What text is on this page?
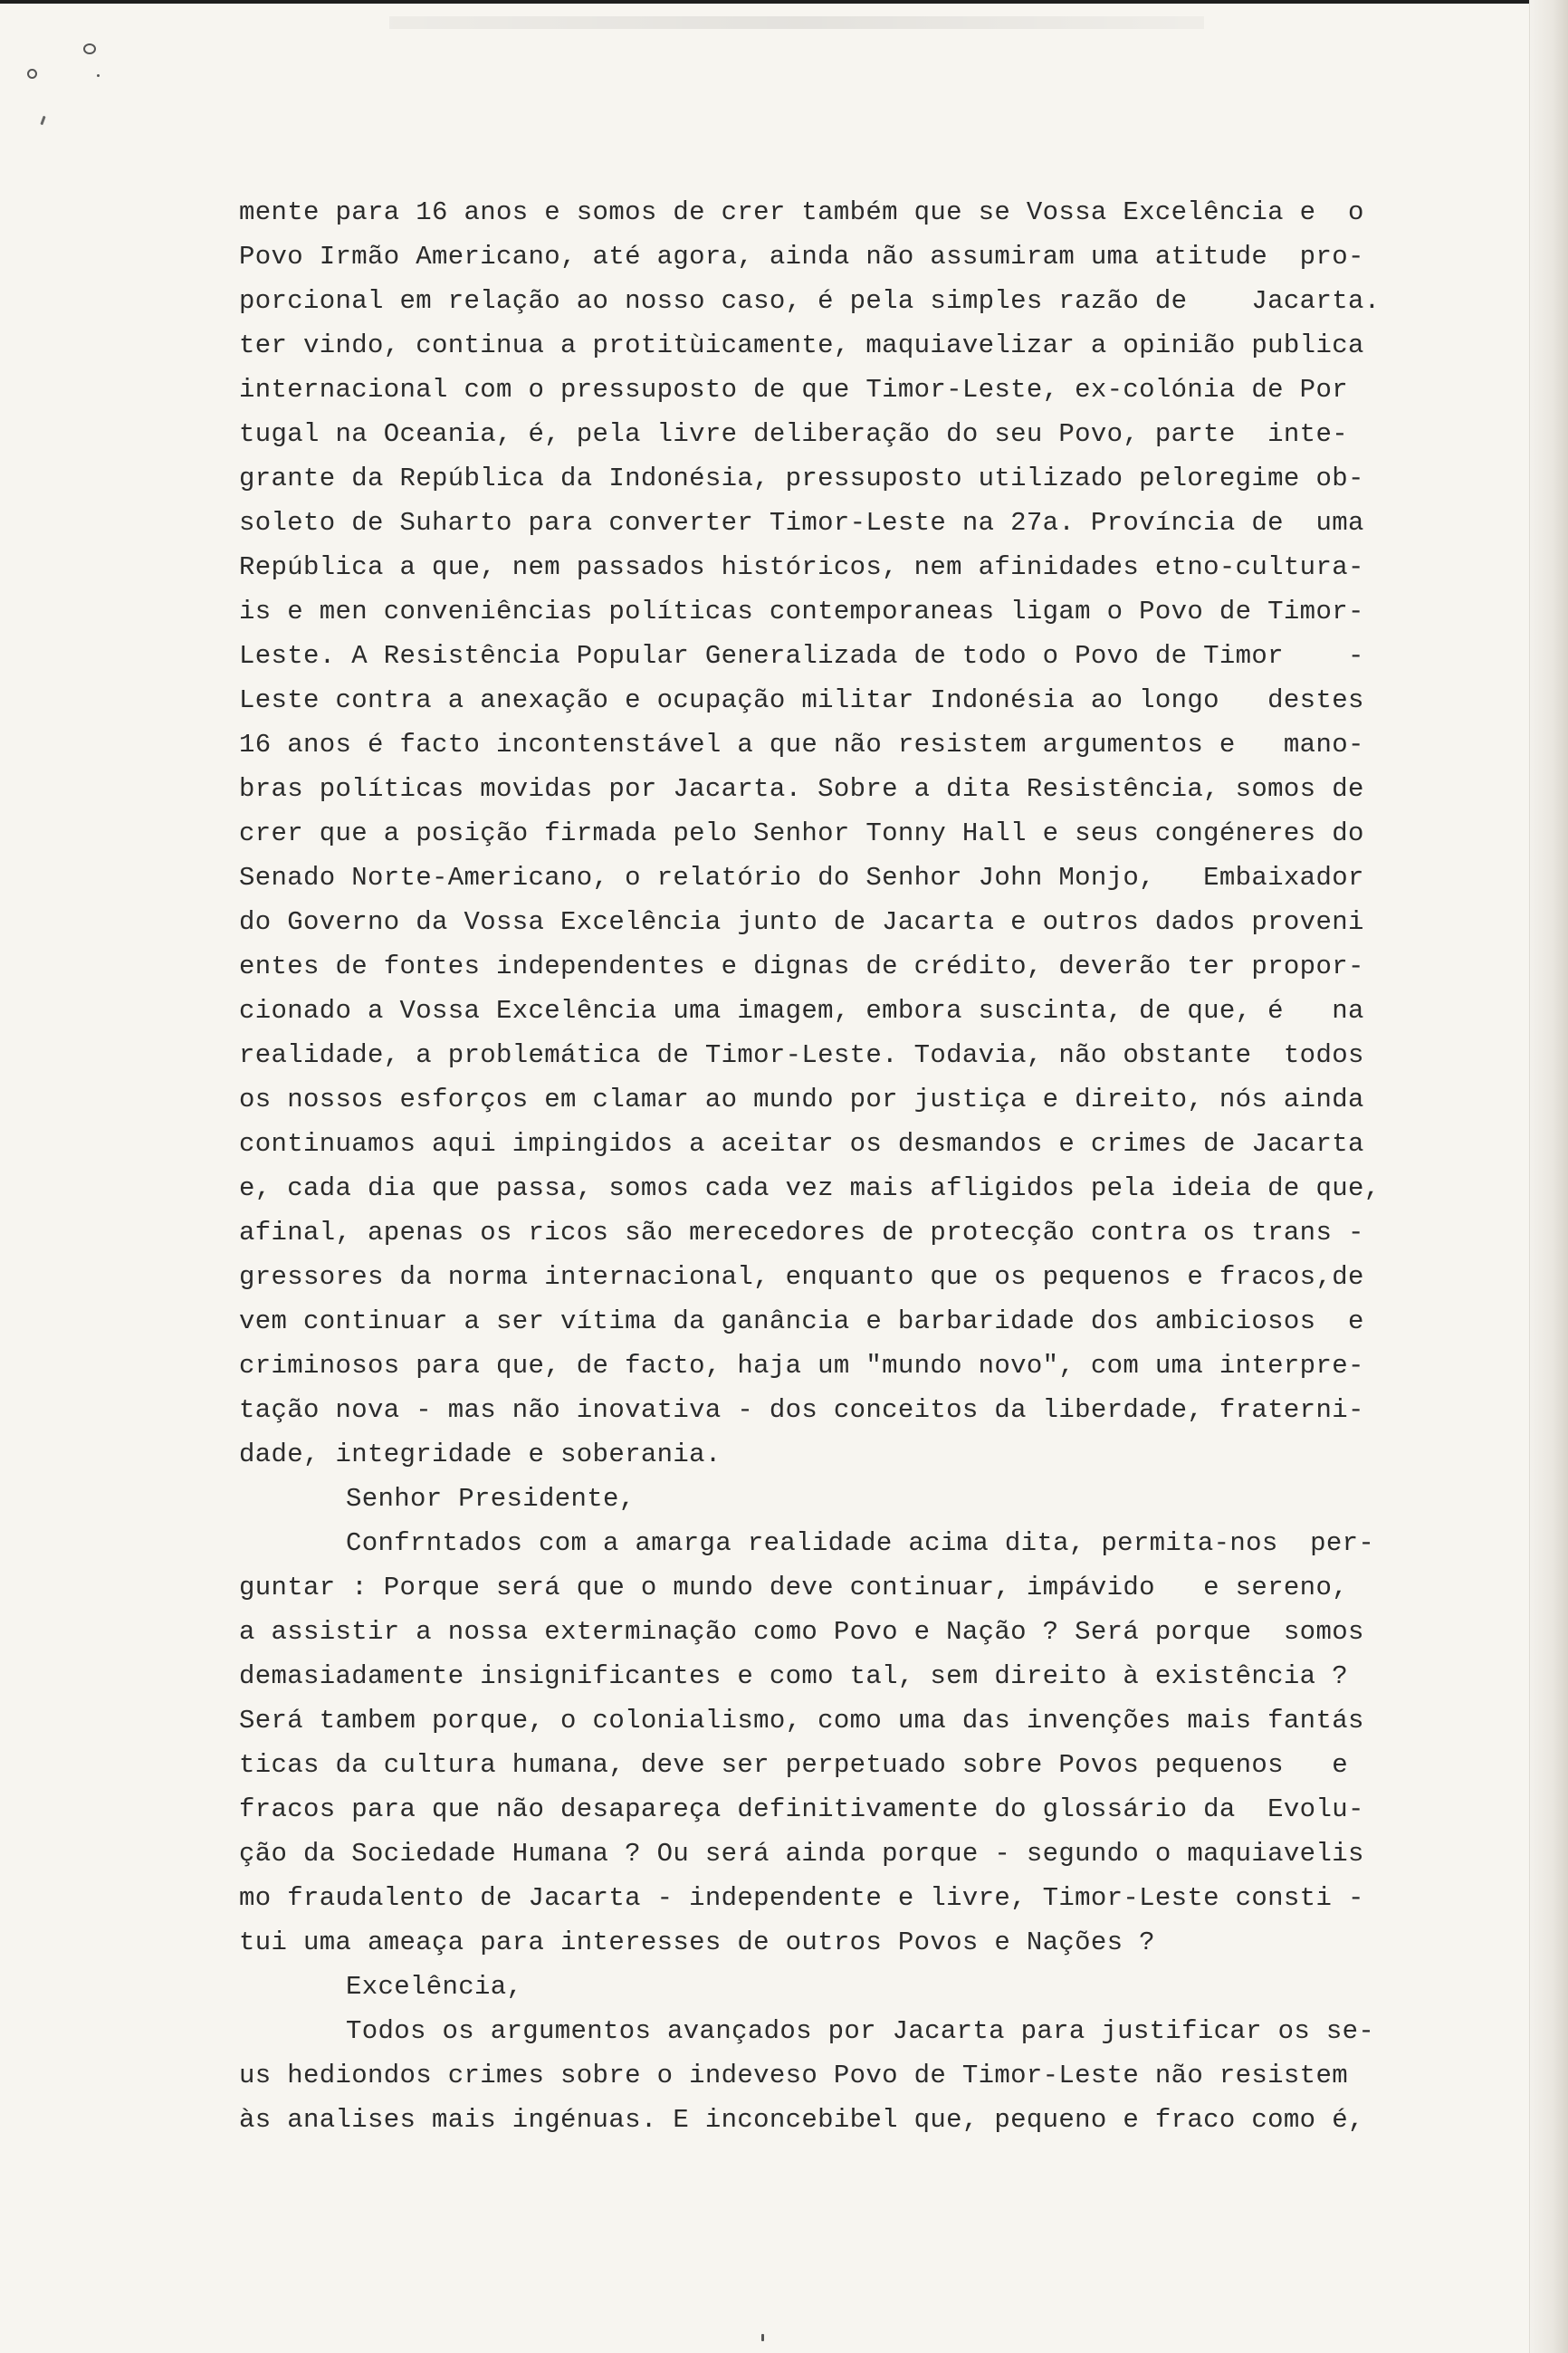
mente para 16 anos e somos de crer também que se Vossa Excelência e  o
Povo Irmão Americano, até agora, ainda não assumiram uma atitude  pro-
porcional em relação ao nosso caso, é pela simples razão de    Jacarta.
ter vindo, continua a protitùicamente, maquiavelizar a opinião publica
internacional com o pressuposto de que Timor-Leste, ex-colónia de Por
tugal na Oceania, é, pela livre deliberação do seu Povo, parte  inte-
grante da República da Indonésia, pressuposto utilizado peloregime ob-
soleto de Suharto para converter Timor-Leste na 27a. Província de  uma
República a que, nem passados históricos, nem afinidades etno-cultura-
is e men conveniências políticas contemporaneas ligam o Povo de Timor-
Leste. A Resistência Popular Generalizada de todo o Povo de Timor    -
Leste contra a anexação e ocupação militar Indonésia ao longo   destes
16 anos é facto incontenstável a que não resistem argumentos e   mano-
bras políticas movidas por Jacarta. Sobre a dita Resistência, somos de
crer que a posição firmada pelo Senhor Tonny Hall e seus congéneres do
Senado Norte-Americano, o relatório do Senhor John Monjo,   Embaixador
do Governo da Vossa Excelência junto de Jacarta e outros dados proveni
entes de fontes independentes e dignas de crédito, deverão ter propor-
cionado a Vossa Excelência uma imagem, embora suscinta, de que, é   na
realidade, a problemática de Timor-Leste. Todavia, não obstante  todos
os nossos esforços em clamar ao mundo por justiça e direito, nós ainda
continuamos aqui impingidos a aceitar os desmandos e crimes de Jacarta
e, cada dia que passa, somos cada vez mais afligidos pela ideia de que,
afinal, apenas os ricos são merecedores de protecção contra os trans -
gressores da norma internacional, enquanto que os pequenos e fracos,de
vem continuar a ser vítima da ganância e barbaridade dos ambiciosos  e
criminosos para que, de facto, haja um "mundo novo", com uma interpre-
tação nova - mas não inovativa - dos conceitos da liberdade, fraterni-
dade, integridade e soberania.
Senhor Presidente,
Confrntados com a amarga realidade acima dita, permita-nos  per-
guntar : Porque será que o mundo deve continuar, impávido   e sereno,
a assistir a nossa exterminação como Povo e Nação ? Será porque  somos
demasiadamente insignificantes e como tal, sem direito à existência ?
Será tambem porque, o colonialismo, como uma das invenções mais fantás
ticas da cultura humana, deve ser perpetuado sobre Povos pequenos   e
fracos para que não desapareça definitivamente do glossário da  Evolu-
ção da Sociedade Humana ? Ou será ainda porque - segundo o maquiavelis
mo fraudalento de Jacarta - independente e livre, Timor-Leste consti -
tui uma ameaça para interesses de outros Povos e Nações ?
Excelência,
Todos os argumentos avançados por Jacarta para justificar os se-
us hediondos crimes sobre o indeveso Povo de Timor-Leste não resistem
às analises mais ingénuas. E inconcebibel que, pequeno e fraco como é,
